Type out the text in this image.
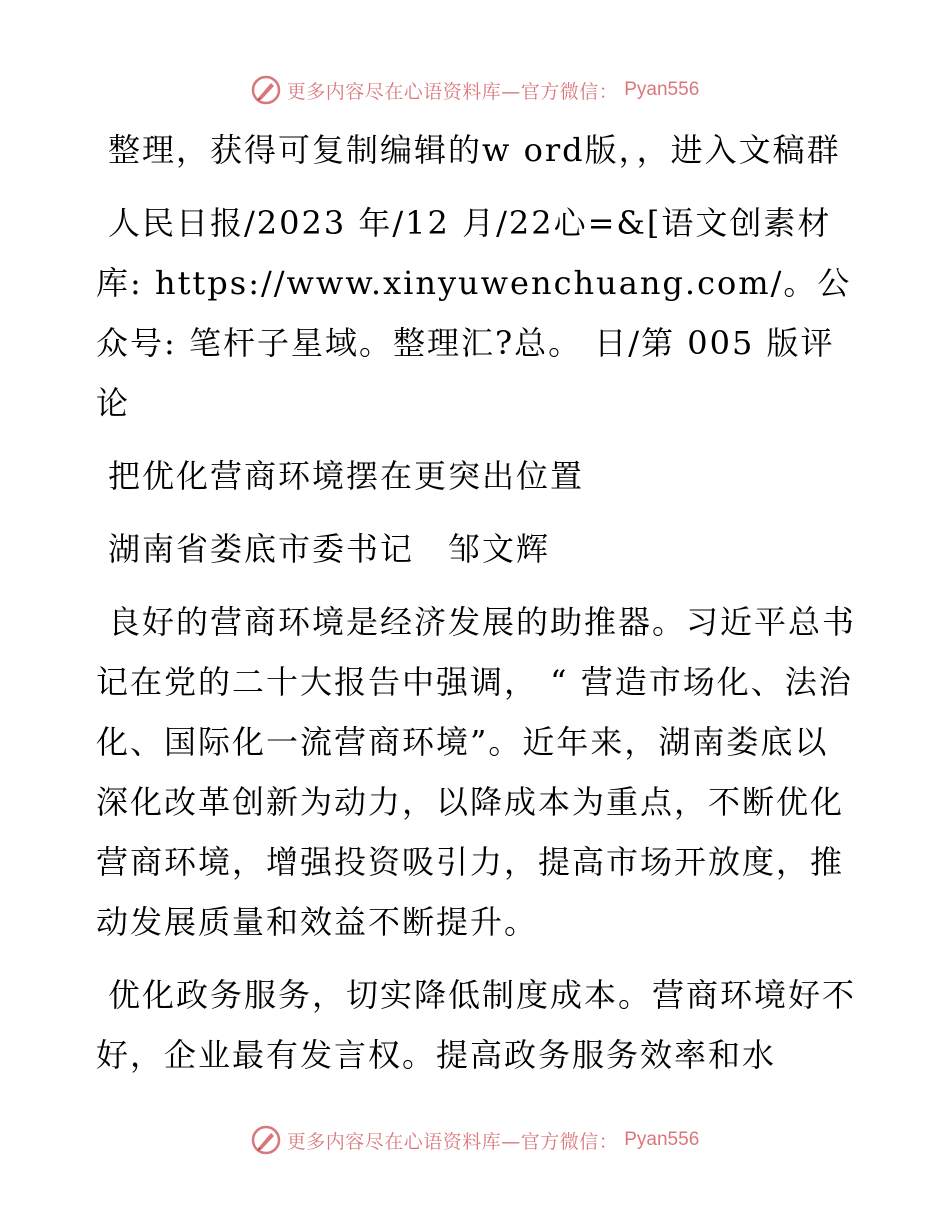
更多内容尽在心语资料库—官方微信： Pyan556

整理，获得可复制编辑的w ord版，，进入文稿群

人民日报/2023 年/12 月/22心=&[语文创素材库: https://www.xinyuwenchuang.com/。公众号: 笔杆子星域。整理汇?总。 日/第 005 版评论

把优化营商环境摆在更突出位置

湖南省娄底市委书记　邹文辉

良好的营商环境是经济发展的助推器。习近平总书记在党的二十大报告中强调， “ 营造市场化、法治化、国际化一流营商环境”。近年来，湖南娄底以深化改革创新为动力，以降成本为重点，不断优化营商环境，增强投资吸引力，提高市场开放度，推动发展质量和效益不断提升。

优化政务服务，切实降低制度成本。营商环境好不好，企业最有发言权。提高政务服务效率和水

更多内容尽在心语资料库—官方微信： Pyan556
